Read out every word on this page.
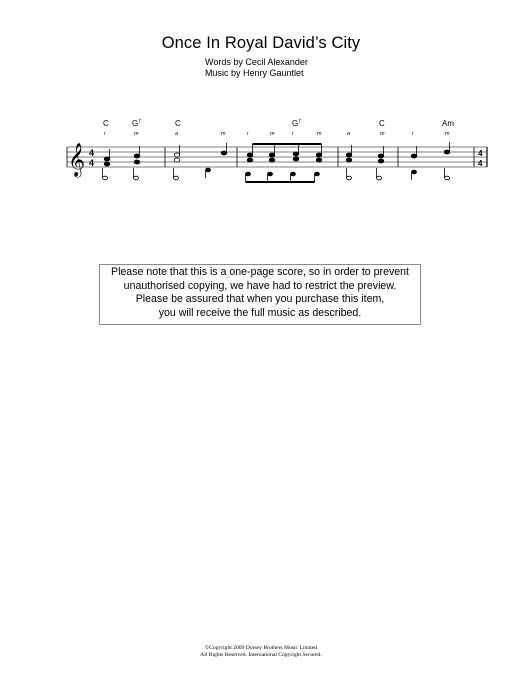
Once In Royal David’s City
Words by Cecil Alexander
Music by Henry Gauntlet
C	$G^7$	C	$G^7$	C	Am
i	m	a	m	i	m	i	m	a	m	i	m
𝄞 4
4
4
4
Please note that this is a one-page score, so in order to prevent
unauthorised copying, we have had to restrict the preview.
Please be assured that when you purchase this item,
you will receive the full music as described.
©Copyright 2009 Dorsey Brothers Music Limited
All Rights Reserved. International Copyright Secured.
